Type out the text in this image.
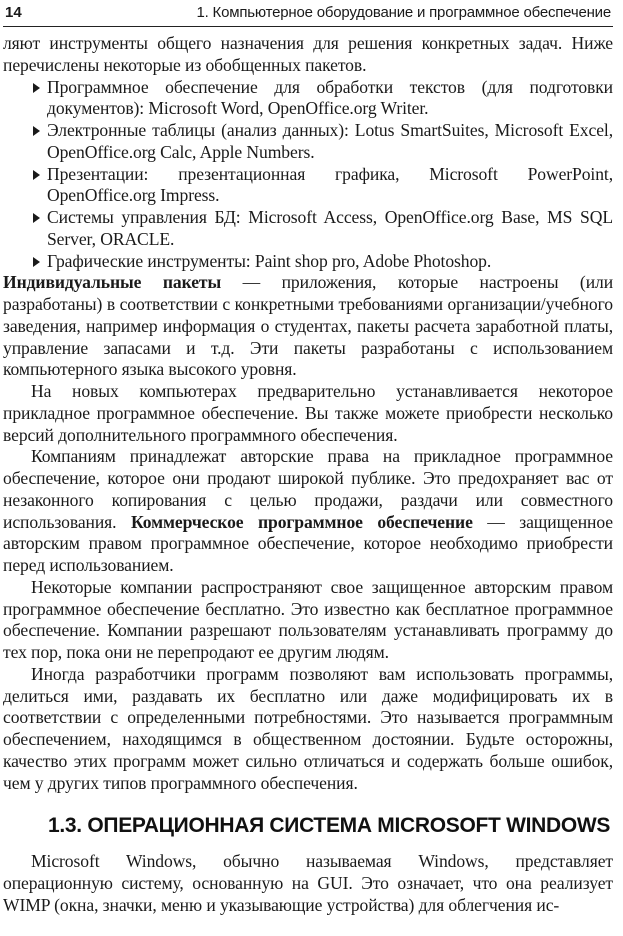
14	1. Компьютерное оборудование и программное обеспечение

ляют инструменты общего назначения для решения конкретных задач. Ниже перечислены некоторые из обобщенных пакетов.

Программное обеспечение для обработки текстов (для подготовки документов): Microsoft Word, OpenOffice.org Writer.
Электронные таблицы (анализ данных): Lotus SmartSuites, Microsoft Excel, OpenOffice.org Calc, Apple Numbers.
Презентации: презентационная графика, Microsoft PowerPoint, OpenOffice.org Impress.
Системы управления БД: Microsoft Access, OpenOffice.org Base, MS SQL Server, ORACLE.
Графические инструменты: Paint shop pro, Adobe Photoshop.

Индивидуальные пакеты — приложения, которые настроены (или разработаны) в соответствии с конкретными требованиями организации/учебного заведения, например информация о студентах, пакеты расчета заработной платы, управление запасами и т.д. Эти пакеты разработаны с использованием компьютерного языка высокого уровня.

На новых компьютерах предварительно устанавливается некоторое прикладное программное обеспечение. Вы также можете приобрести несколько версий дополнительного программного обеспечения.

Компаниям принадлежат авторские права на прикладное программное обеспечение, которое они продают широкой публике. Это предохраняет вас от незаконного копирования с целью продажи, раздачи или совместного использования. Коммерческое программное обеспечение — защищенное авторским правом программное обеспечение, которое необходимо приобрести перед использованием.

Некоторые компании распространяют свое защищенное авторским правом программное обеспечение бесплатно. Это известно как бесплатное программное обеспечение. Компании разрешают пользователям устанавливать программу до тех пор, пока они не перепродают ее другим людям.

Иногда разработчики программ позволяют вам использовать программы, делиться ими, раздавать их бесплатно или даже модифицировать их в соответствии с определенными потребностями. Это называется программным обеспечением, находящимся в общественном достоянии. Будьте осторожны, качество этих программ может сильно отличаться и содержать больше ошибок, чем у других типов программного обеспечения.

1.3. ОПЕРАЦИОННАЯ СИСТЕМА MICROSOFT WINDOWS

Microsoft Windows, обычно называемая Windows, представляет операционную систему, основанную на GUI. Это означает, что она реализует WIMP (окна, значки, меню и указывающие устройства) для облегчения ис-
